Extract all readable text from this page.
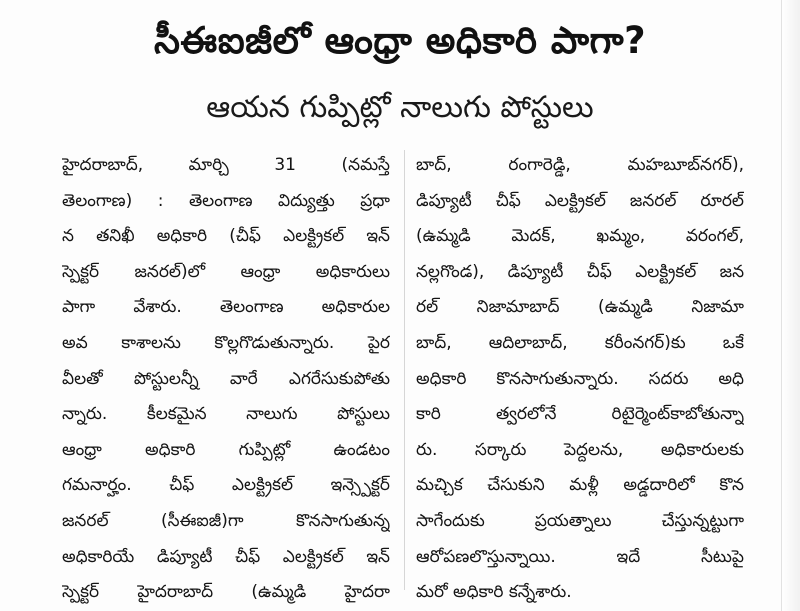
సీఈఐజీలో ఆంధ్రా అధికారి పాగా?
ఆయన గుప్పిట్లో నాలుగు పోస్టులు
హైదరాబాద్, మార్చి 31 (నమస్తే
తెలంగాణ) : తెలంగాణ విద్యుత్తు ప్రధా
న తనిఖీ అధికారి (చీఫ్ ఎలక్ట్రికల్ ఇన్
స్పెక్టర్ జనరల్)లో ఆంధ్రా అధికారులు
పాగా వేశారు. తెలంగాణ అధికారుల
అవ కాశాలను కొల్లగొడుతున్నారు. పైర
వీలతో పోస్టులన్నీ వారే ఎగరేసుకుపోతు
న్నారు. కీలకమైన నాలుగు పోస్టులు
ఆంధ్రా అధికారి గుప్పిట్లో ఉండటం
గమనార్హం. చీఫ్ ఎలక్ట్రికల్ ఇన్స్పెక్టర్
జనరల్ (సీఈఐజీ)గా కొనసాగుతున్న
అధికారియే డిప్యూటీ చీఫ్ ఎలక్ట్రికల్ ఇన్
స్పెక్టర్ హైదరాబాద్ (ఉమ్మడి హైదరా
బాద్, రంగారెడ్డి, మహబూబ్‌నగర్),
డిప్యూటీ చీఫ్ ఎలక్ట్రికల్ జనరల్ రూరల్
(ఉమ్మడి మెదక్, ఖమ్మం, వరంగల్,
నల్లగొండ), డిప్యూటీ చీఫ్ ఎలక్ట్రికల్ జన
రల్ నిజామాబాద్ (ఉమ్మడి నిజామా
బాద్, ఆదిలాబాద్, కరీంనగర్)కు ఒకే
అధికారి కొనసాగుతున్నారు. సదరు అధి
కారి త్వరలోనే రిటైర్మెంట్‌కాబోతున్నా
రు. సర్కారు పెద్దలను, అధికారులకు
మచ్చిక చేసుకుని మళ్లీ అడ్డదారిలో కొన
సాగేందుకు ప్రయత్నాలు చేస్తున్నట్టుగా
ఆరోపణలొస్తున్నాయి. ఇదే సీటుపై
మరో అధికారి కన్నేశారు.
